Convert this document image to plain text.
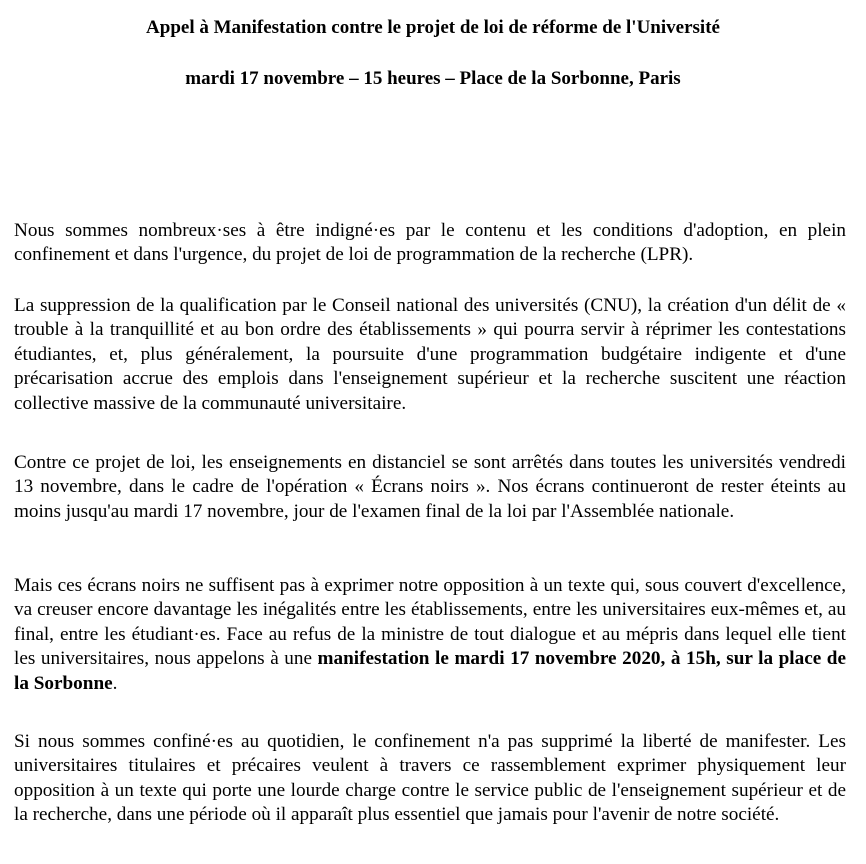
Appel à Manifestation contre le projet de loi de réforme de l'Université
mardi 17 novembre – 15 heures – Place de la Sorbonne, Paris

Nous sommes nombreux·ses à être indigné·es par le contenu et les conditions d'adoption, en plein confinement et dans l'urgence, du projet de loi de programmation de la recherche (LPR).

La suppression de la qualification par le Conseil national des universités (CNU), la création d'un délit de « trouble à la tranquillité et au bon ordre des établissements » qui pourra servir à réprimer les contestations étudiantes, et, plus généralement, la poursuite d'une programmation budgétaire indigente et d'une précarisation accrue des emplois dans l'enseignement supérieur et la recherche suscitent une réaction collective massive de la communauté universitaire.

Contre ce projet de loi, les enseignements en distanciel se sont arrêtés dans toutes les universités vendredi 13 novembre, dans le cadre de l'opération « Écrans noirs ». Nos écrans continueront de rester éteints au moins jusqu'au mardi 17 novembre, jour de l'examen final de la loi par l'Assemblée nationale.

Mais ces écrans noirs ne suffisent pas à exprimer notre opposition à un texte qui, sous couvert d'excellence, va creuser encore davantage les inégalités entre les établissements, entre les universitaires eux-mêmes et, au final, entre les étudiant·es. Face au refus de la ministre de tout dialogue et au mépris dans lequel elle tient les universitaires, nous appelons à une manifestation le mardi 17 novembre 2020, à 15h, sur la place de la Sorbonne.

Si nous sommes confiné·es au quotidien, le confinement n'a pas supprimé la liberté de manifester. Les universitaires titulaires et précaires veulent à travers ce rassemblement exprimer physiquement leur opposition à un texte qui porte une lourde charge contre le service public de l'enseignement supérieur et de la recherche, dans une période où il apparaît plus essentiel que jamais pour l'avenir de notre société.
